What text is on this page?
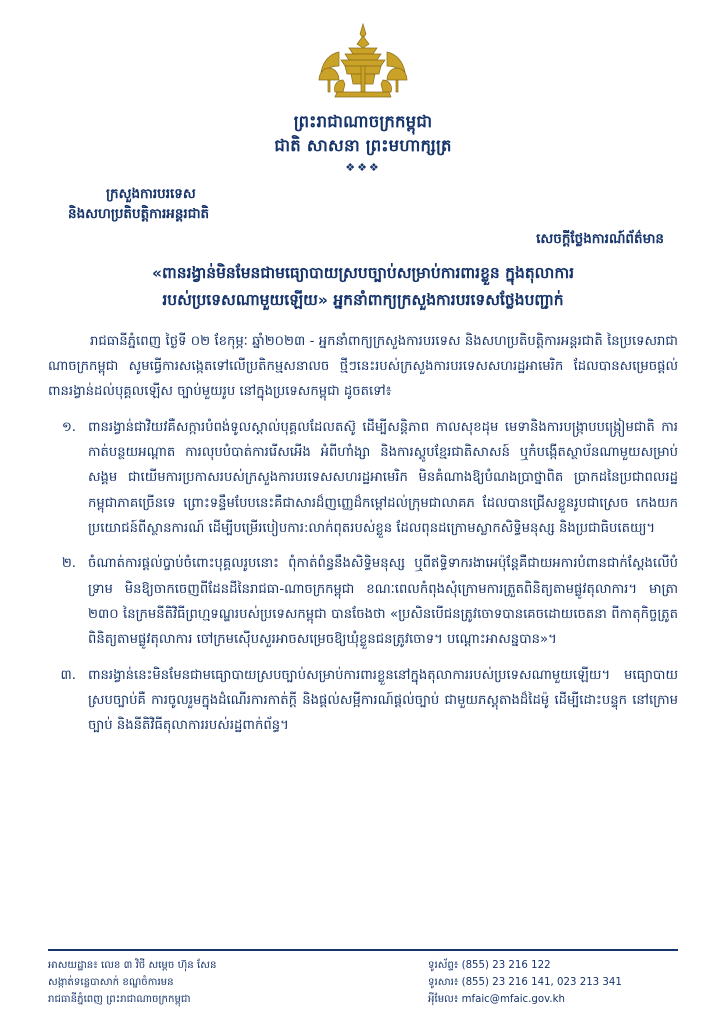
ព្រះរាជាណាចក្រកម្ពុជា
ជាតិ សាសនា ព្រះមហាក្សត្រ
❖❖❖
ក្រសួងការបរទេស
និងសហប្រតិបត្តិការអន្តរជាតិ
សេចក្តីថ្លែងការណ៍ព័ត៌មាន
«ពានរង្វាន់មិនមែនជាមធ្យោបាយស្របច្បាប់សម្រាប់ការពារខ្លួន ក្នុងតុលាការ
របស់ប្រទេសណាមួយឡើយ» អ្នកនាំពាក្យក្រសួងការបរទេសថ្លែងបញ្ជាក់

រាជធានីភ្នំពេញ ថ្ងៃទី ០២ ខែកុម្ភៈ ឆ្នាំ២០២៣ - អ្នកនាំពាក្យក្រសួងការបរទេស និងសហប្រតិបត្តិការអន្តរជាតិ នៃប្រទេសរាជាណាចក្រកម្ពុជា សូមធ្វើការសង្កេតទៅលើប្រតិកម្មសនាលច ថ្មីៗនេះរបស់ក្រសួងការបរទេសសហរដ្ឋអាមេរិក ដែលបានសម្រេចផ្តល់ពានរង្វាន់ដល់បុគ្គលឡើស ច្បាប់មួយរូប នៅក្នុងប្រទេសកម្ពុជា ដូចតទៅ៖

១. ពានរង្វាន់ជាវិយវគឺសក្ការបំពង់ទូលស្តាល់បុគ្គលដែលតស៊ូ ដើម្បីសន្តិភាព កាលសុខដុម មេទានិងការបង្ក្រាបបង្ក្រៀមជាតិ ការកាត់បន្ថយអណ្តាត ការលុបបំបាត់ការរើសអើង អំពីហាំង្សា និងការស្តូបខ្មែរជាតិសាសន៍ ឬកំបង្កើតស្ថាប័នណាមួយសម្រាប់សង្គម ជាយើមការប្រកាសរបស់ក្រសួងការបរទេសសហរដ្ឋអាមេរិក មិនគំណាងឱ្យបំណងប្រាថ្នាពិត ប្រាកដនៃប្រជាពលរដ្ឋកម្ពុជាភាគច្រើនទេ ព្រោះទន្ទឹមបែបនេះគឺជាសារដ៏ញញ្ញេដ៏កម្តៅដល់ក្រុមជាលាគភ ដែលបានជ្រើសខ្លួនរូបជាស្រេច កេងយកប្រយោជន៍ពីស្ថានការណ៍ ដើម្បីបម្រើរបៀបការ:លាក់ពុតរបស់ខ្លួន ដែលពុនដក្រោមស្លាកសិទ្ធិមនុស្ស និងប្រជាធិបតេយ្យ។
២. ចំណាត់ការផ្តល់ប្ចាប់ចំពោះបុគ្គលរូបនោះ ពុំកាត់ពំន្ធនឹងសិទ្ធិមនុស្ស ឬពីឥទ្ធិទាករងាអេប៉ុន្តែគឺជាយអការបំពានជាក់ស្តែងលើបំទ្រាម មិនឱ្យចាកចេញពីដែនដីនៃរាជធា-ណាចក្រកម្ពុជា ខណៈពេលកំពុងសុំក្រោមការត្រួតពិនិត្យតាមផ្លូវតុលាការ។ មាត្រា ២៣០ នៃក្រមនីតិវិធីព្រហ្មទណ្ឌរបស់ប្រទេសកម្ពុជា បានចែងថា «ប្រសិនបើជនត្រូវចោទបានគេចដោយចេតនា ពីកាតុកិច្ចត្រូតពិនិត្យតាមផ្លូវតុលាការ ចៅក្រមស៊ើបសួរអាចសម្រេចឱ្យឃុំខ្លួនជនត្រូវចោទ។ បណ្តោះអាសន្នបាន»។
៣. ពានរង្វាន់នេះមិនមែនជាមធ្យោបាយស្របច្បាប់សម្រាប់ការពារខ្លួននៅក្នុងតុលាការរបស់ប្រទេសណាមួយឡើយ។ មធ្យោបាយស្របច្បាប់គឺ ការចូលរួមក្នុងដំណើរការកាត់ក្តី និងផ្តល់សម្អីការណ៍ផ្តល់ច្បាប់ ជាមួយភស្តុតាងដ៏ដៃម៉ូ ដើម្បីដោះបន្ទុក នៅក្រោមច្បាប់ និងនីតិវិធីតុលាការរបស់រដ្ឋពាក់ព័ន្ធ។
អាសយដ្ឋាន៖ លេខ ៣ វិថី សម្តេច ហ៊ុន សែន
សង្កាត់ទន្លេបាសាក់ ខណ្ឌចំការមន
រាជធានីភ្នំពេញ ព្រះរាជាណាចក្រកម្ពុជា
ទូរស័ព្ទ៖ (855) 23 216 122
ទូរសារ៖ (855) 23 216 141, 023 213 341
អុីមែល៖ mfaic@mfaic.gov.kh
